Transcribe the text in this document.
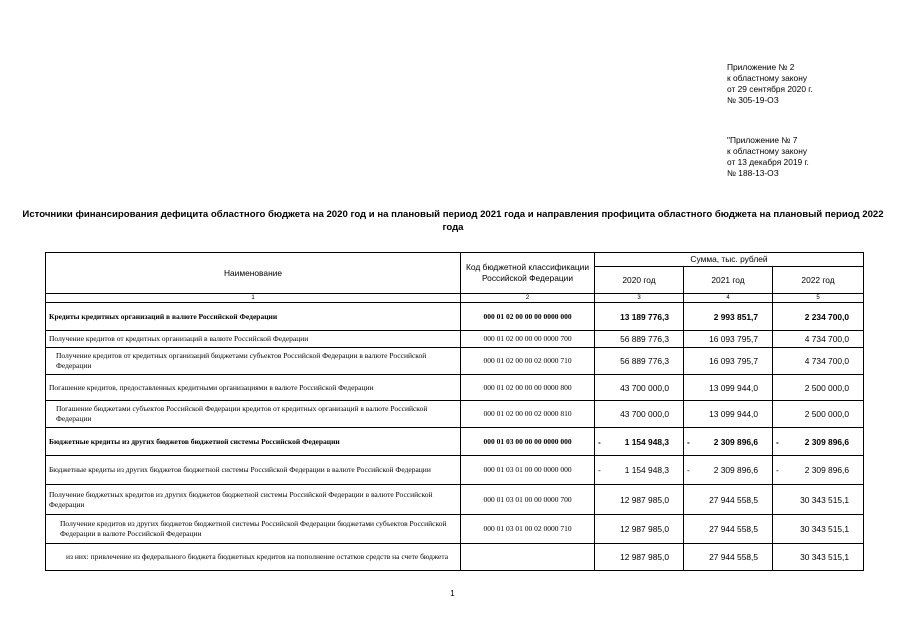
Приложение № 2
к областному закону
от 29 сентября 2020 г.
№ 305-19-ОЗ
"Приложение № 7
к областному закону
от 13 декабря 2019 г.
№ 188-13-ОЗ
Источники финансирования дефицита областного бюджета на 2020 год и на плановый период 2021 года и направления профицита областного бюджета на плановый период 2022 года
Наименование	Код бюджетной классификации Российской Федерации	Сумма, тыс. рублей		
		2020 год	2021 год	2022 год
1	2	3	4	5
Кредиты кредитных организаций в валюте Российской Федерации	000 01 02 00 00 00 0000 000	13 189 776,3	2 993 851,7	2 234 700,0
Получение кредитов от кредитных организаций в валюте Российской Федерации	000 01 02 00 00 00 0000 700	56 889 776,3	16 093 795,7	4 734 700,0
Получение кредитов от кредитных организаций бюджетами субъектов Российской Федерации в валюте Российской Федерации	000 01 02 00 00 02 0000 710	56 889 776,3	16 093 795,7	4 734 700,0
Погашение кредитов, предоставленных кредитными организациями в валюте Российской Федерации	000 01 02 00 00 00 0000 800	43 700 000,0	13 099 944,0	2 500 000,0
Погашение бюджетами субъектов Российской Федерации кредитов от кредитных организаций в валюте Российской Федерации	000 01 02 00 00 02 0000 810	43 700 000,0	13 099 944,0	2 500 000,0
Бюджетные кредиты из других бюджетов бюджетной системы Российской Федерации	000 01 03 00 00 00 0000 000	- 1 154 948,3	- 2 309 896,6	- 2 309 896,6
Бюджетные кредиты из других бюджетов бюджетной системы Российской Федерации в валюте Российской Федерации	000 01 03 01 00 00 0000 000	- 1 154 948,3	- 2 309 896,6	- 2 309 896,6
Получение бюджетных кредитов из других бюджетов бюджетной системы Российской Федерации в валюте Российской Федерации	000 01 03 01 00 00 0000 700	12 987 985,0	27 944 558,5	30 343 515,1
Получение кредитов из других бюджетов бюджетной системы Российской Федерации бюджетами субъектов Российской Федерации в валюте Российской Федерации	000 01 03 01 00 02 0000 710	12 987 985,0	27 944 558,5	30 343 515,1
из них: привлечение из федерального бюджета бюджетных кредитов на пополнение остатков средств на счете бюджета		12 987 985,0	27 944 558,5	30 343 515,1
1
